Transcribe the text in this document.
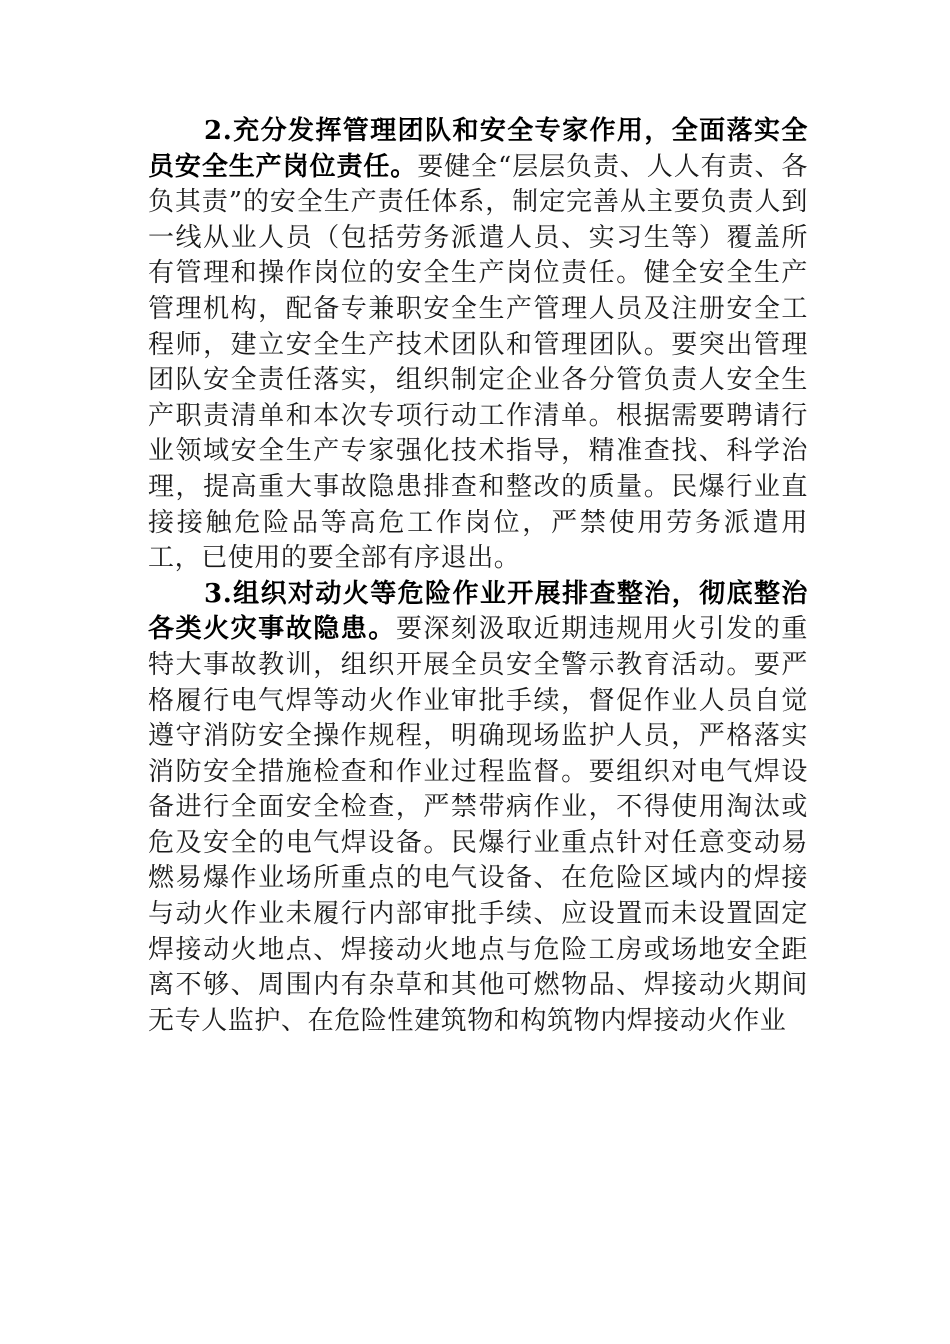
2.充分发挥管理团队和安全专家作用，全面落实全员安全生产岗位责任。要健全“层层负责、人人有责、各负其责”的安全生产责任体系，制定完善从主要负责人到一线从业人员（包括劳务派遣人员、实习生等）覆盖所有管理和操作岗位的安全生产岗位责任。健全安全生产管理机构，配备专兼职安全生产管理人员及注册安全工程师，建立安全生产技术团队和管理团队。要突出管理团队安全责任落实，组织制定企业各分管负责人安全生产职责清单和本次专项行动工作清单。根据需要聘请行业领域安全生产专家强化技术指导，精准查找、科学治理，提高重大事故隐患排查和整改的质量。民爆行业直接接触危险品等高危工作岗位，严禁使用劳务派遣用工，已使用的要全部有序退出。

3.组织对动火等危险作业开展排查整治，彻底整治各类火灾事故隐患。要深刻汲取近期违规用火引发的重特大事故教训，组织开展全员安全警示教育活动。要严格履行电气焊等动火作业审批手续，督促作业人员自觉遵守消防安全操作规程，明确现场监护人员，严格落实消防安全措施检查和作业过程监督。要组织对电气焊设备进行全面安全检查，严禁带病作业，不得使用淘汰或危及安全的电气焊设备。民爆行业重点针对任意变动易燃易爆作业场所重点的电气设备、在危险区域内的焊接与动火作业未履行内部审批手续、应设置而未设置固定焊接动火地点、焊接动火地点与危险工房或场地安全距离不够、周围内有杂草和其他可燃物品、焊接动火期间无专人监护、在危险性建筑物和构筑物内焊接动火作业
